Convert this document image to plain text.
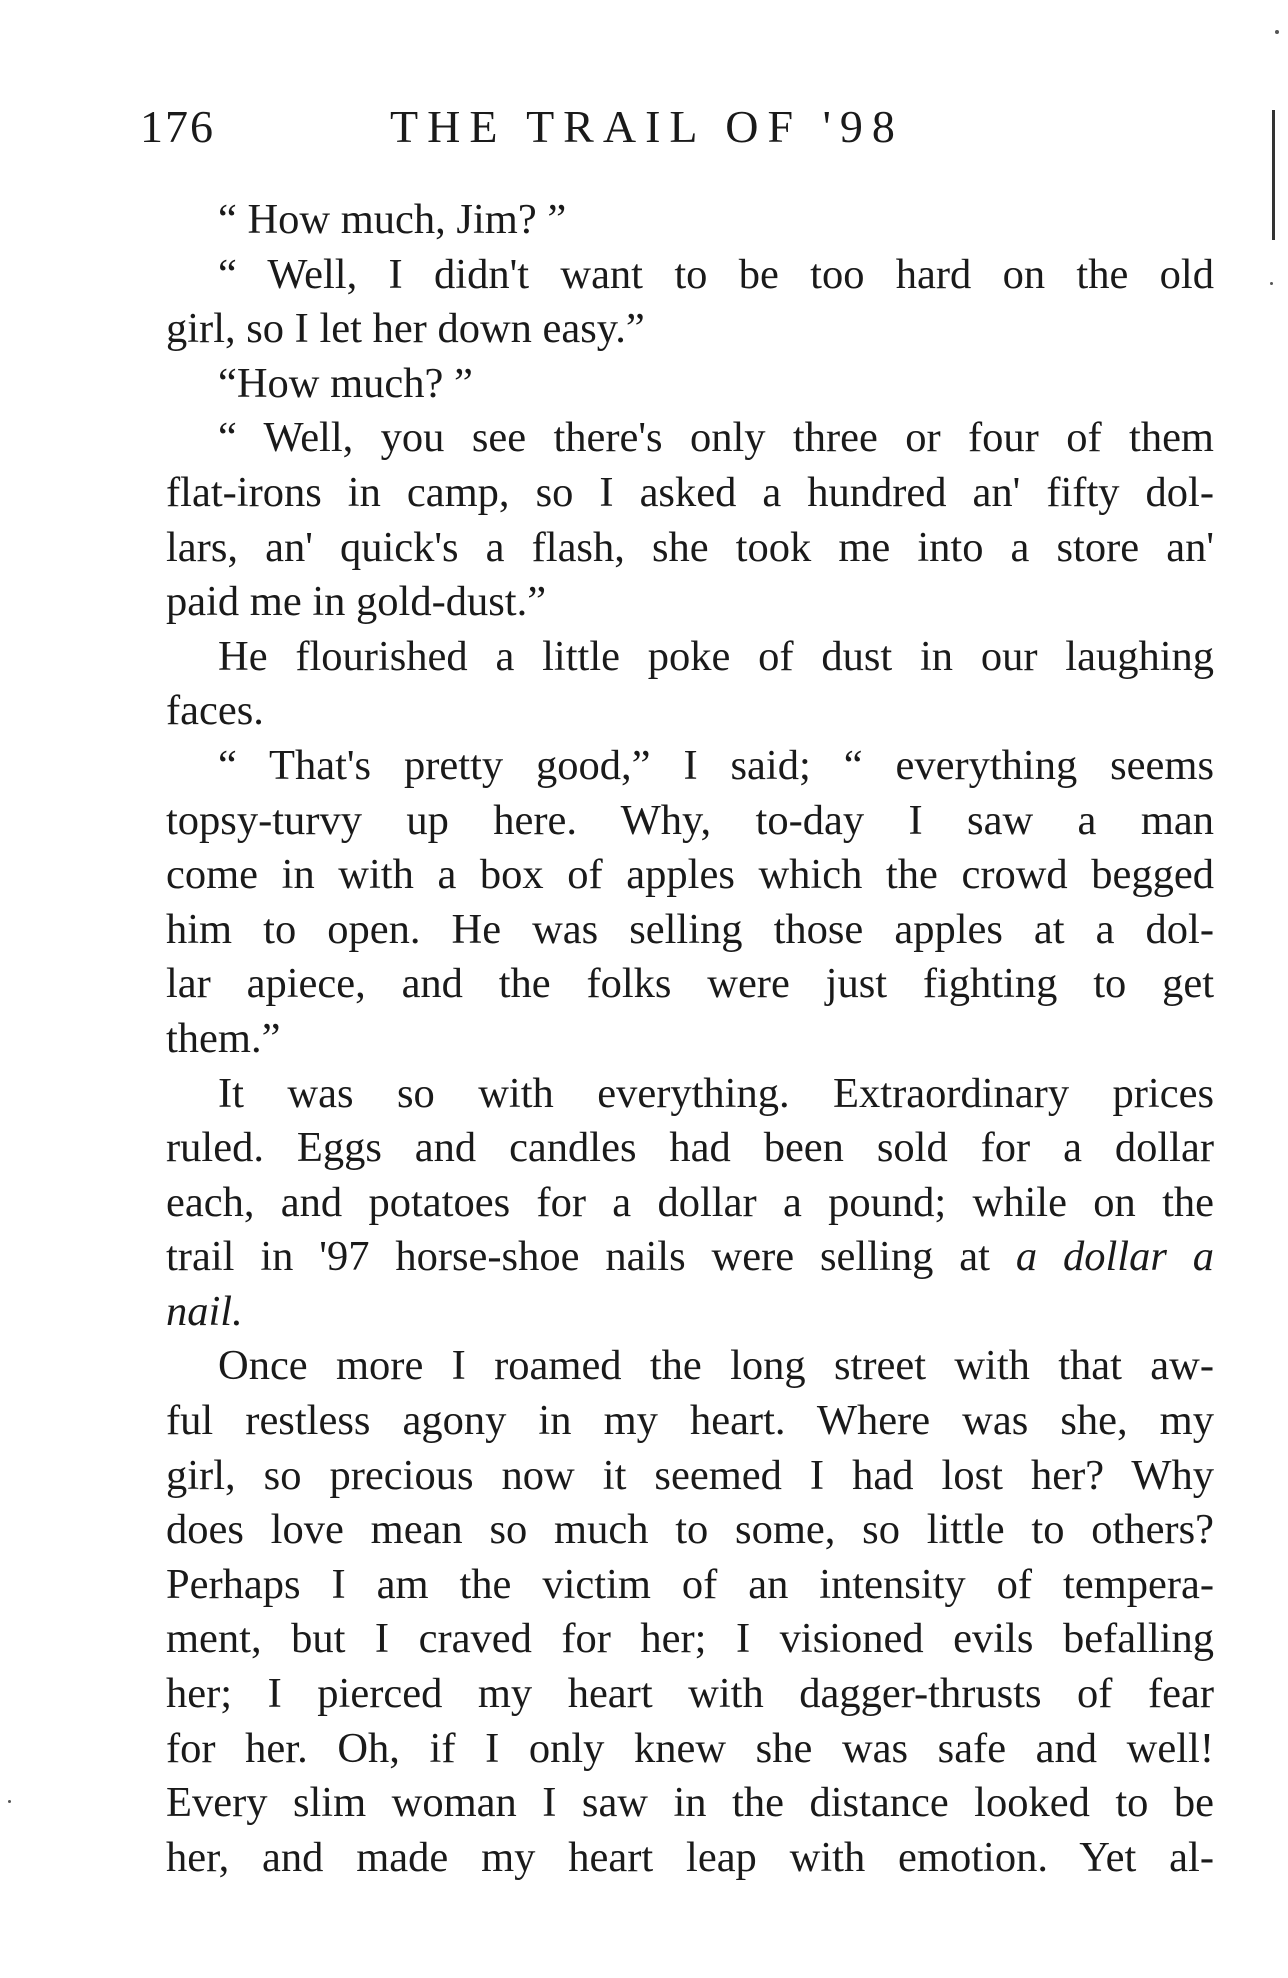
176	THE TRAIL OF '98
“ How much, Jim? ”
“ Well, I didn't want to be too hard on the old
girl, so I let her down easy.”
“How much? ”
“ Well, you see there's only three or four of them
flat-irons in camp, so I asked a hundred an' fifty dol-
lars, an' quick's a flash, she took me into a store an'
paid me in gold-dust.”
He flourished a little poke of dust in our laughing
faces.
“ That's pretty good,” I said; “ everything seems
topsy-turvy up here. Why, to-day I saw a man
come in with a box of apples which the crowd begged
him to open. He was selling those apples at a dol-
lar apiece, and the folks were just fighting to get
them.”
It was so with everything. Extraordinary prices
ruled. Eggs and candles had been sold for a dollar
each, and potatoes for a dollar a pound; while on the
trail in '97 horse-shoe nails were selling at a dollar a
nail.
Once more I roamed the long street with that aw-
ful restless agony in my heart. Where was she, my
girl, so precious now it seemed I had lost her? Why
does love mean so much to some, so little to others?
Perhaps I am the victim of an intensity of tempera-
ment, but I craved for her; I visioned evils befalling
her; I pierced my heart with dagger-thrusts of fear
for her. Oh, if I only knew she was safe and well!
Every slim woman I saw in the distance looked to be
her, and made my heart leap with emotion. Yet al-
